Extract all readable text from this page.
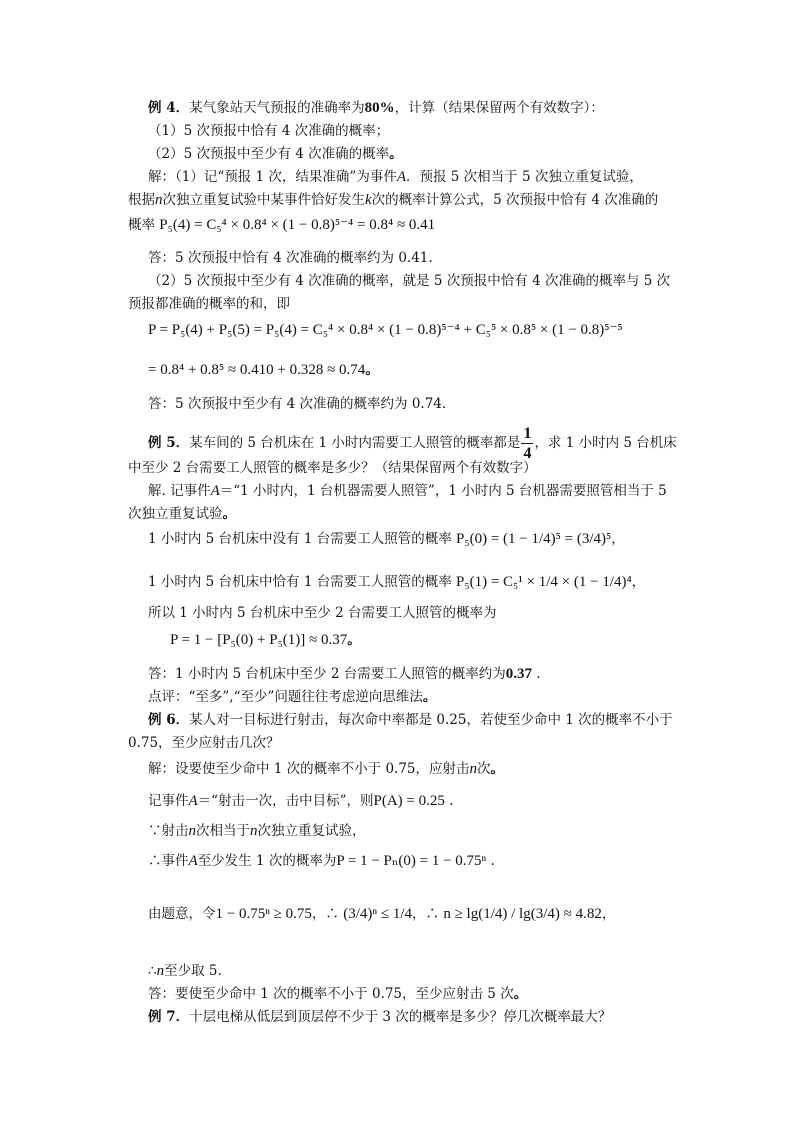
例 4．某气象站天气预报的准确率为80%，计算（结果保留两个有效数字）：
（1）5 次预报中恰有 4 次准确的概率；
（2）5 次预报中至少有 4 次准确的概率。
解：（1）记“预报 1 次，结果准确”为事件A．预报 5 次相当于 5 次独立重复试验，
根据n次独立重复试验中某事件恰好发生k次的概率计算公式，5 次预报中恰有 4 次准确的
概率 P₅(4) = C₅⁴ × 0.8⁴ × (1 − 0.8)⁵⁻⁴ = 0.8⁴ ≈ 0.41
答：5 次预报中恰有 4 次准确的概率约为 0.41.
（2）5 次预报中至少有 4 次准确的概率，就是 5 次预报中恰有 4 次准确的概率与 5 次
预报都准确的概率的和，即
P = P₅(4) + P₅(5) = P₅(4) = C₅⁴ × 0.8⁴ × (1 − 0.8)⁵⁻⁴ + C₅⁵ × 0.8⁵ × (1 − 0.8)⁵⁻⁵
= 0.8⁴ + 0.8⁵ ≈ 0.410 + 0.328 ≈ 0.74。
答：5 次预报中至少有 4 次准确的概率约为 0.74.
例 5．某车间的 5 台机床在 1 小时内需要工人照管的概率都是 $\frac{1}{4}$ ，求 1 小时内 5 台机床
中至少 2 台需要工人照管的概率是多少？（结果保留两个有效数字）
解. 记事件A＝“1 小时内，1 台机器需要人照管”，1 小时内 5 台机器需要照管相当于 5
次独立重复试验。
1 小时内 5 台机床中没有 1 台需要工人照管的概率 P₅(0) = (1 − 1/4)⁵ = (3/4)⁵，
1 小时内 5 台机床中恰有 1 台需要工人照管的概率 P₅(1) = C₅¹ × 1/4 × (1 − 1/4)⁴，
所以 1 小时内 5 台机床中至少 2 台需要工人照管的概率为
P = 1 − [P₅(0) + P₅(1)] ≈ 0.37。
答：1 小时内 5 台机床中至少 2 台需要工人照管的概率约为0.37 .
点评：“至多”,“至少”问题往往考虑逆向思维法。
例 6．某人对一目标进行射击，每次命中率都是 0.25，若使至少命中 1 次的概率不小于
0.75，至少应射击几次？
解：设要使至少命中 1 次的概率不小于 0.75，应射击n次。
记事件A＝“射击一次，击中目标”，则P(A) = 0.25 .
∵射击n次相当于n次独立重复试验，
∴事件A至少发生 1 次的概率为P = 1 − Pₙ(0) = 1 − 0.75ⁿ .
由题意，令1 − 0.75ⁿ ≥ 0.75，∴ (3/4)ⁿ ≤ 1/4，∴ n ≥ lg(1/4) / lg(3/4) ≈ 4.82，
∴n至少取 5.
答：要使至少命中 1 次的概率不小于 0.75，至少应射击 5 次。
例 7．十层电梯从低层到顶层停不少于 3 次的概率是多少？停几次概率最大？
